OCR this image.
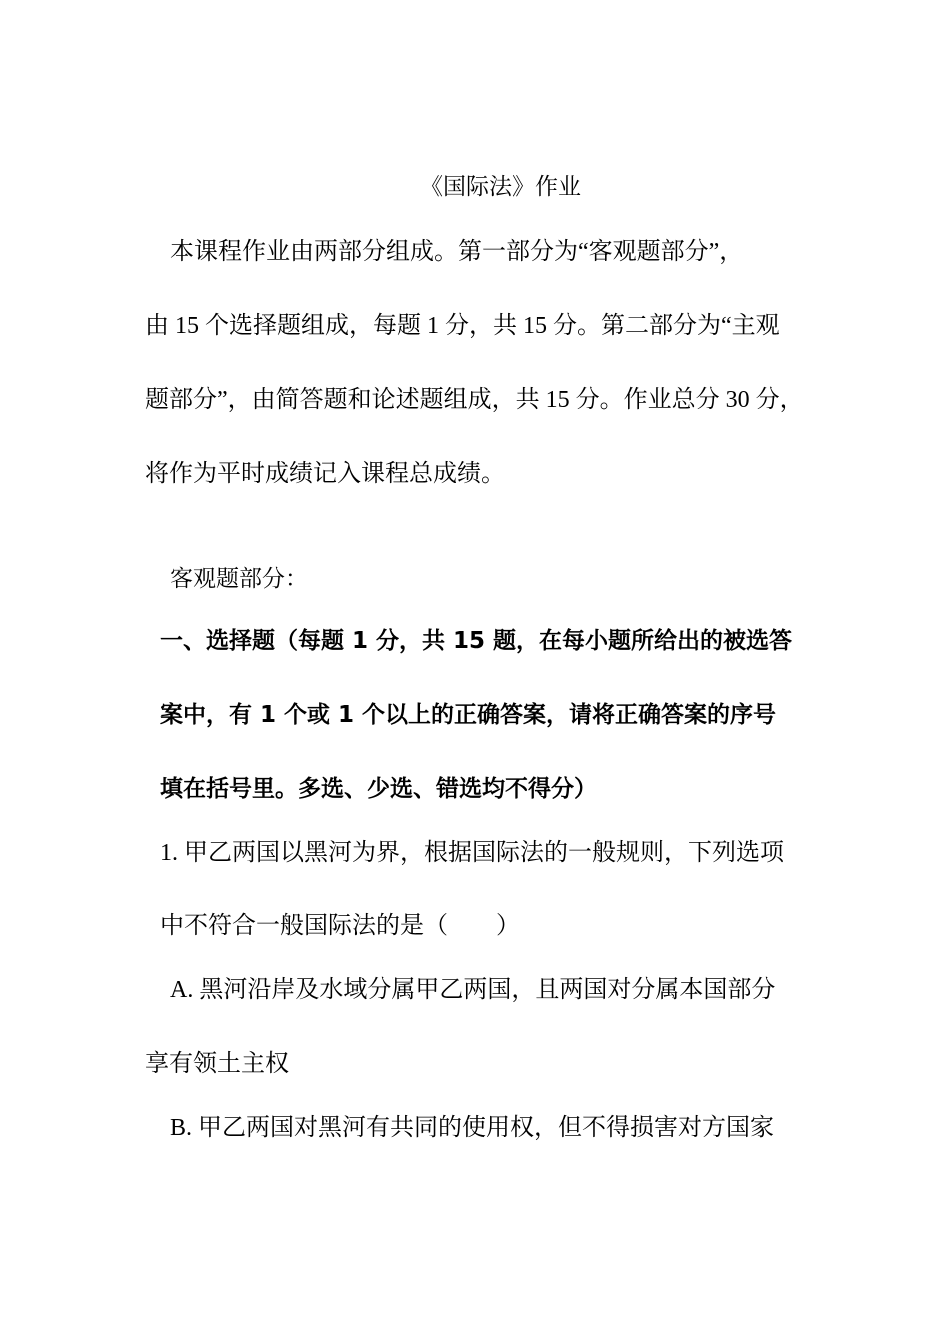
《国际法》作业
本课程作业由两部分组成。第一部分为“客观题部分”，
由 15 个选择题组成，每题 1 分，共 15 分。第二部分为“主观
题部分”，由简答题和论述题组成，共 15 分。作业总分 30 分，
将作为平时成绩记入课程总成绩。
客观题部分：
一、选择题（每题 1 分，共 15 题，在每小题所给出的被选答
案中，有 1 个或 1 个以上的正确答案，请将正确答案的序号
填在括号里。多选、少选、错选均不得分）
1. 甲乙两国以黑河为界，根据国际法的一般规则，下列选项
中不符合一般国际法的是（　　）
A. 黑河沿岸及水域分属甲乙两国，且两国对分属本国部分
享有领土主权
B. 甲乙两国对黑河有共同的使用权，但不得损害对方国家
